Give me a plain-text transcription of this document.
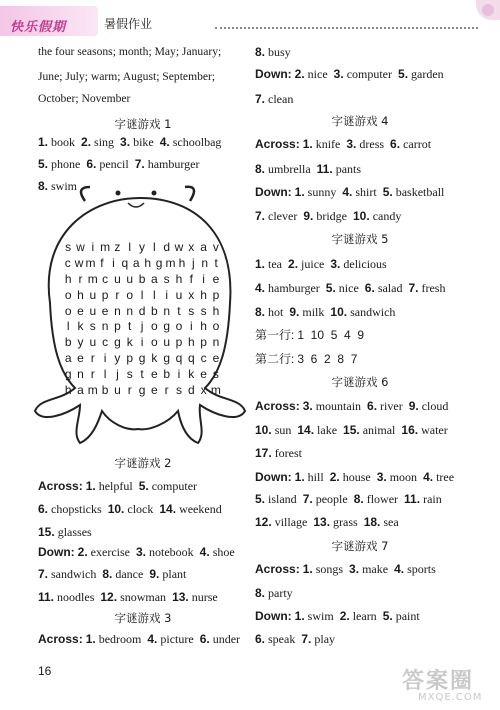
快乐假期	暑假作业
the four seasons; month; May; January;
June; July; warm; August; September;
October; November
字谜游戏 1
1. book 2. sing 3. bike 4. schoolbag
5. phone 6. pencil 7. hamburger
8. swim
字谜游戏 2
Across: 1. helpful 5. computer
6. chopsticks 10. clock 14. weekend
15. glasses
Down: 2. exercise 3. notebook 4. shoe
7. sandwich 8. dance 9. plant
11. noodles 12. snowman 13. nurse
字谜游戏 3
Across: 1. bedroom 4. picture 6. under
8. busy
Down: 2. nice 3. computer 5. garden
7. clean
字谜游戏 4
Across: 1. knife 3. dress 6. carrot
8. umbrella 11. pants
Down: 1. sunny 4. shirt 5. basketball
7. clever 9. bridge 10. candy
字谜游戏 5
1. tea 2. juice 3. delicious
4. hamburger 5. nice 6. salad 7. fresh
8. hot 9. milk 10. sandwich
第一行: 1  10  5  4  9
第二行: 3  6  2  8  7
字谜游戏 6
Across: 3. mountain 6. river 9. cloud
10. sun 14. lake 15. animal 16. water
17. forest
Down: 1. hill 2. house 3. moon 4. tree
5. island 7. people 8. flower 11. rain
12. village 13. grass 18. sea
字谜游戏 7
Across: 1. songs 3. make 4. sports
8. party
Down: 1. swim 2. learn 5. paint
6. speak 7. play
s w i m z l y l d w x a v
c w m f i q a h g m h j n t
h r m c u u b a s h f i e
o h u p r o l l i u x h p
o e u e n n d b n t s s h
l k s n p t j o g o i h o
b y u c g k i o u p h p n
a e r i y p g k g q q c e
g n r l j s t e b i k e s
h a m b u r g e r s d x m
16	答案圈
MXQE.COM
